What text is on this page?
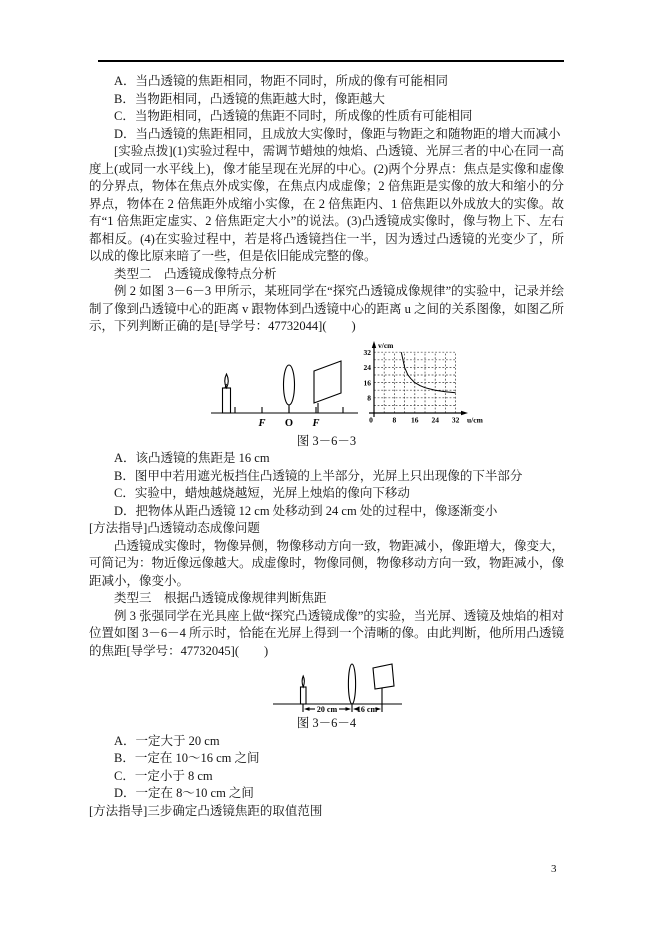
A．当凸透镜的焦距相同，物距不同时，所成的像有可能相同
B．当物距相同，凸透镜的焦距越大时，像距越大
C．当物距相同，凸透镜的焦距不同时，所成像的性质有可能相同
D．当凸透镜的焦距相同，且成放大实像时，像距与物距之和随物距的增大而减小
[实验点拨](1)实验过程中，需调节蜡烛的烛焰、凸透镜、光屏三者的中心在同一高度上(或同一水平线上)，像才能呈现在光屏的中心。(2)两个分界点：焦点是实像和虚像的分界点，物体在焦点外成实像，在焦点内成虚像；2 倍焦距是实像的放大和缩小的分界点，物体在 2 倍焦距外成缩小实像，在 2 倍焦距内、1 倍焦距以外成放大的实像。故有“1 倍焦距定虚实、2 倍焦距定大小”的说法。(3)凸透镜成实像时，像与物上下、左右都相反。(4)在实验过程中，若是将凸透镜挡住一半，因为透过凸透镜的光变少了，所以成的像比原来暗了一些，但是依旧能成完整的像。
类型二　凸透镜成像特点分析
例 2 如图 3－6－3 甲所示，某班同学在“探究凸透镜成像规律”的实验中，记录并绘制了像到凸透镜中心的距离 v 跟物体到凸透镜中心的距离 u 之间的关系图像，如图乙所示，下列判断正确的是[导学号：47732044](　　)
F O F
8
16
24
32
0	8 16 24 32
v/cm
u/cm
图 3－6－3
A．该凸透镜的焦距是 16 cm
B．图甲中若用遮光板挡住凸透镜的上半部分，光屏上只出现像的下半部分
C．实验中，蜡烛越烧越短，光屏上烛焰的像向下移动
D．把物体从距凸透镜 12 cm 处移动到 24 cm 处的过程中，像逐渐变小
[方法指导]凸透镜动态成像问题
凸透镜成实像时，物像异侧，物像移动方向一致，物距减小，像距增大，像变大，可简记为：物近像远像越大。成虚像时，物像同侧，物像移动方向一致，物距减小，像距减小，像变小。
类型三　根据凸透镜成像规律判断焦距
例 3 张强同学在光具座上做“探究凸透镜成像”的实验，当光屏、透镜及烛焰的相对位置如图 3－6－4 所示时，恰能在光屏上得到一个清晰的像。由此判断，他所用凸透镜的焦距[导学号：47732045](　　)
20 cm 16 cm
图 3－6－4
A．一定大于 20 cm
B．一定在 10～16 cm 之间
C．一定小于 8 cm
D．一定在 8～10 cm 之间
[方法指导]三步确定凸透镜焦距的取值范围
3
